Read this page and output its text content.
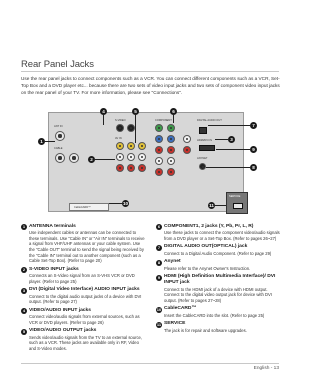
Rear Panel Jacks
Use the rear panel jacks to connect components such as a VCR. You can connect different components such as a VCR, Set-Top Box and a DVD player etc... because there are two sets of video input jacks and two sets of component video input jacks on the rear panel of your TV. For more information, please see "Connections".
ANT IN
CABLE
S-VIDEO
AV IN
COMPONENT	DIGITAL AUDIO OUT
HDMI/DVI IN
ANYNET
CableCARD™
SERVICE
1
2
3
4	5	6
7
8
9
10	11
1 ANTENNA terminals
Use independent cables or antennas can be connected to these terminals. Use "Cable IN" or "Air IN" terminals to receive a signal from VHF/UHF antennas or your cable system. Use the "Cable OUT" terminal to send the signal being received by the "Cable IN" terminal out to another component (such as a Cable Set-Top Box). (Refer to page 20)
2 S-VIDEO INPUT jacks
Connects an S-Video signal from an S-VHS VCR or DVD player. (Refer to page 25)
3 DVI (Digital Video Interface) AUDIO INPUT jacks
Connect to the digital audio output jacks of a device with DVI output. (Refer to page 27)
4 VIDEO/AUDIO INPUT jacks
Connect video/audio signals from external sources, such as VCR or DVD players. (Refer to page 26)
5 VIDEO/AUDIO OUTPUT jacks
Sends video/audio signals from the TV to an external source, such as a VCR. These jacks are available only in RF, Video and S-Video modes.
6 COMPONENT1, 2 jacks (Y, Pb, Pr, L, R)
Use these jacks to connect the component video/audio signals from a DVD player or a Set-Top Box. (Refer to pages 26~27)
7 DIGITAL AUDIO OUT(OPTICAL) jack
Connect to a Digital Audio Component. (Refer to page 29)
8 Anynet
Please refer to the Anynet Owner's Instruction.
9 HDMI (High Definition Multimedia Interface)/ DVI INPUT jack
Connect to the HDMI jack of a device with HDMI output. Connect to the digital video output jack for device with DVI output. (Refer to pages 27~28)
10 CableCARD™
Insert the CableCARD into the slot. (Refer to page 25)
11 SERVICE
The jack is for repair and software upgrades.
English - 13
